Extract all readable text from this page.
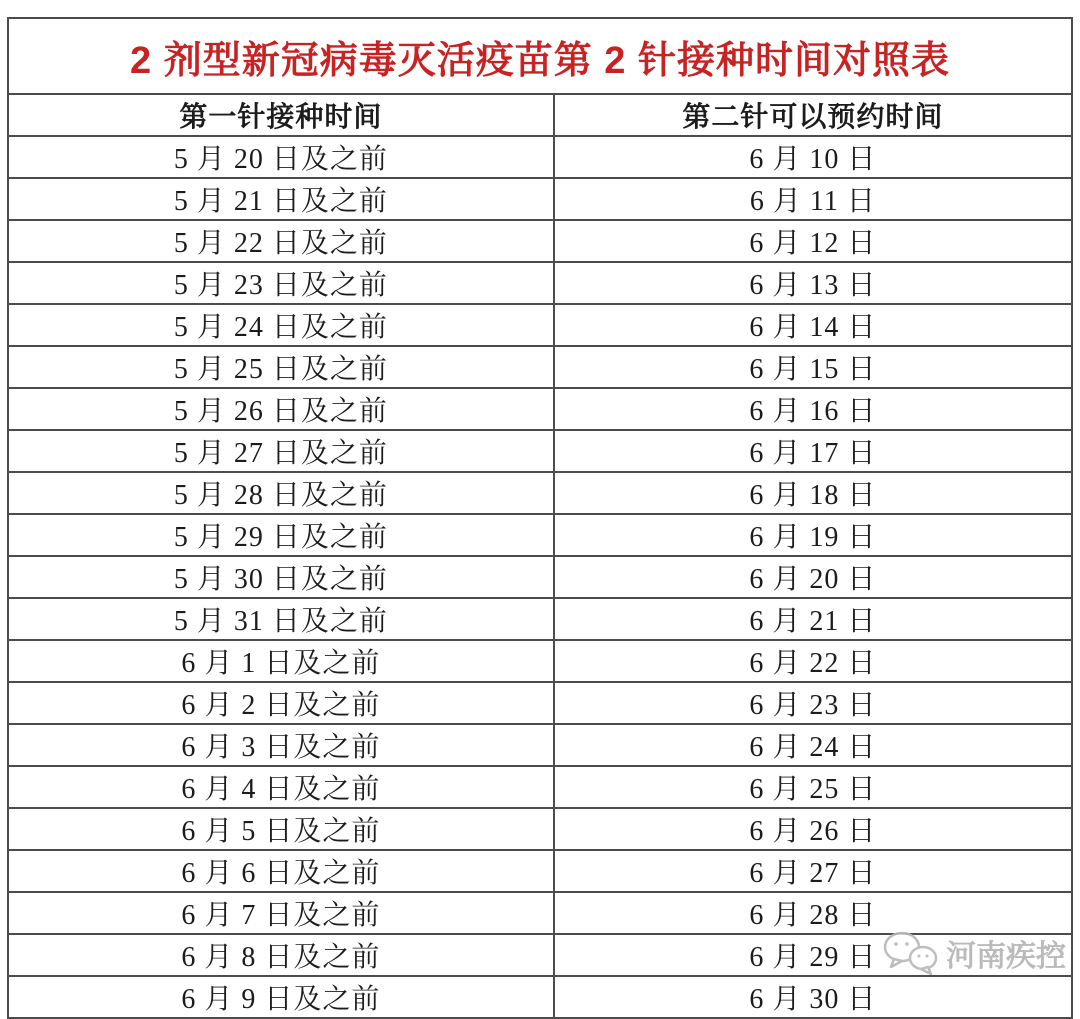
2 剂型新冠病毒灭活疫苗第 2 针接种时间对照表	
第一针接种时间	第二针可以预约时间
5 月 20 日及之前	6 月 10 日
5 月 21 日及之前	6 月 11 日
5 月 22 日及之前	6 月 12 日
5 月 23 日及之前	6 月 13 日
5 月 24 日及之前	6 月 14 日
5 月 25 日及之前	6 月 15 日
5 月 26 日及之前	6 月 16 日
5 月 27 日及之前	6 月 17 日
5 月 28 日及之前	6 月 18 日
5 月 29 日及之前	6 月 19 日
5 月 30 日及之前	6 月 20 日
5 月 31 日及之前	6 月 21 日
6 月 1 日及之前	6 月 22 日
6 月 2 日及之前	6 月 23 日
6 月 3 日及之前	6 月 24 日
6 月 4 日及之前	6 月 25 日
6 月 5 日及之前	6 月 26 日
6 月 6 日及之前	6 月 27 日
6 月 7 日及之前	6 月 28 日
6 月 8 日及之前	6 月 29 日
6 月 9 日及之前	6 月 30 日
河南疾控
